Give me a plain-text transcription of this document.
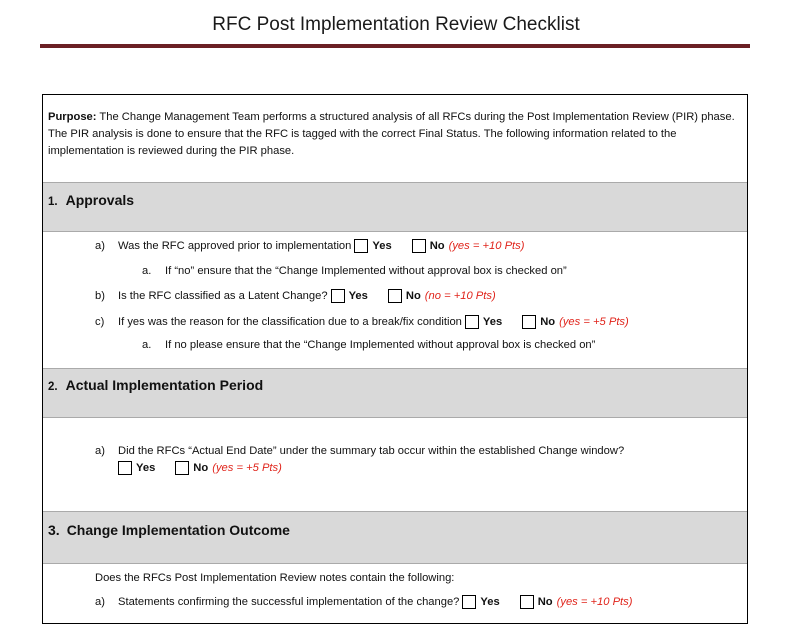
RFC Post Implementation Review Checklist
Purpose: The Change Management Team performs a structured analysis of all RFCs during the Post Implementation Review (PIR) phase. The PIR analysis is done to ensure that the RFC is tagged with the correct Final Status. The following information related to the implementation is reviewed during the PIR phase.
1. Approvals
a)	Was the RFC approved prior to implementation Yes	No (yes = +10 Pts)
a.	If “no” ensure that the “Change Implemented without approval box is checked on”
b)	Is the RFC classified as a Latent Change? Yes	No (no = +10 Pts)
c)	If yes was the reason for the classification due to a break/fix condition Yes	No (yes = +5 Pts)
a.	If no please ensure that the “Change Implemented without approval box is checked on”
2. Actual Implementation Period
a)	Did the RFCs “Actual End Date” under the summary tab occur within the established Change window?
Yes	No (yes = +5 Pts)
3. Change Implementation Outcome
Does the RFCs Post Implementation Review notes contain the following:
a)	Statements confirming the successful implementation of the change? Yes	No (yes = +10 Pts)
